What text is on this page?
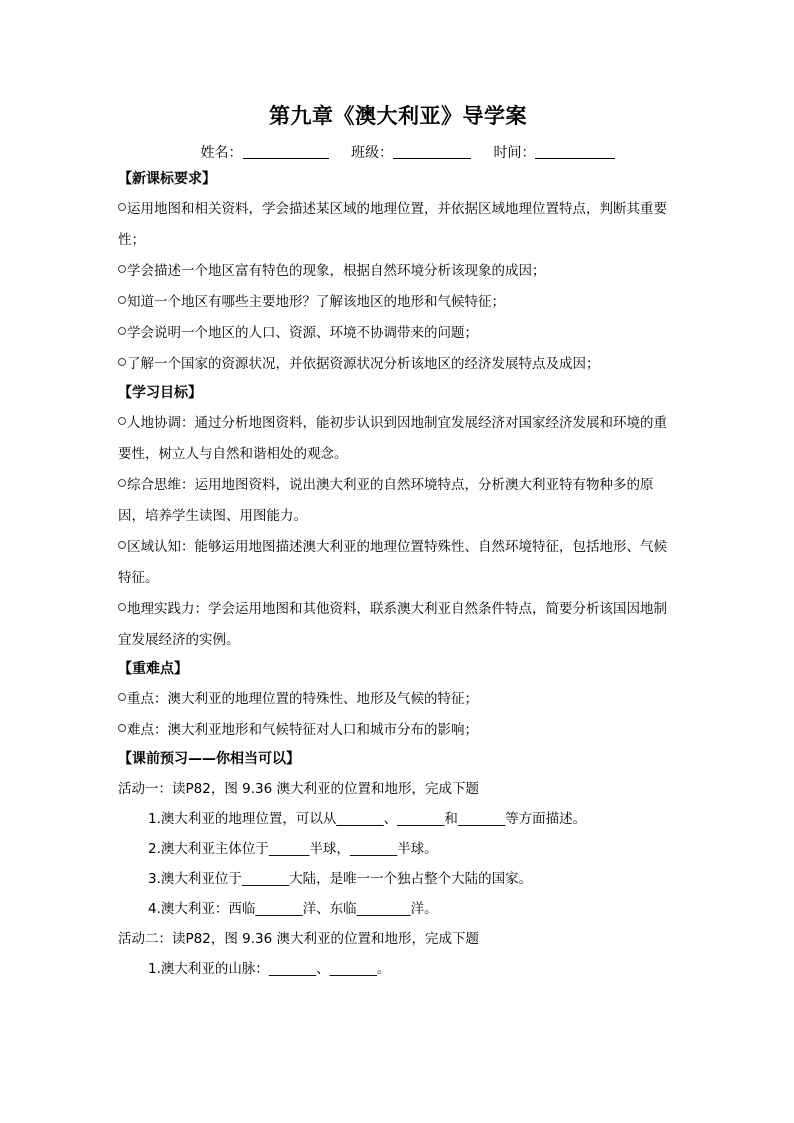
第九章《澳大利亚》导学案
姓名：	班级：	时间：
【新课标要求】

运用地图和相关资料，学会描述某区域的地理位置，并依据区域地理位置特点，判断其重要性；

学会描述一个地区富有特色的现象，根据自然环境分析该现象的成因；

知道一个地区有哪些主要地形？了解该地区的地形和气候特征；

学会说明一个地区的人口、资源、环境不协调带来的问题；

了解一个国家的资源状况，并依据资源状况分析该地区的经济发展特点及成因；

【学习目标】

人地协调：通过分析地图资料，能初步认识到因地制宜发展经济对国家经济发展和环境的重要性，树立人与自然和谐相处的观念。

综合思维：运用地图资料，说出澳大利亚的自然环境特点，分析澳大利亚特有物种多的原因，培养学生读图、用图能力。

区域认知：能够运用地图描述澳大利亚的地理位置特殊性、自然环境特征，包括地形、气候特征。

地理实践力：学会运用地图和其他资料，联系澳大利亚自然条件特点，简要分析该国因地制宜发展经济的实例。

【重难点】

重点：澳大利亚的地理位置的特殊性、地形及气候的特征；

难点：澳大利亚地形和气候特征对人口和城市分布的影响；

【课前预习——你相当可以】

活动一：读P82，图 9.36 澳大利亚的位置和地形，完成下题

1.澳大利亚的地理位置，可以从_______、_______和_______等方面描述。

2.澳大利亚主体位于______半球，_______半球。

3.澳大利亚位于_______大陆，是唯一一个独占整个大陆的国家。

4.澳大利亚：西临_______洋、东临________洋。

活动二：读P82，图 9.36 澳大利亚的位置和地形，完成下题

1.澳大利亚的山脉：_______、_______。
